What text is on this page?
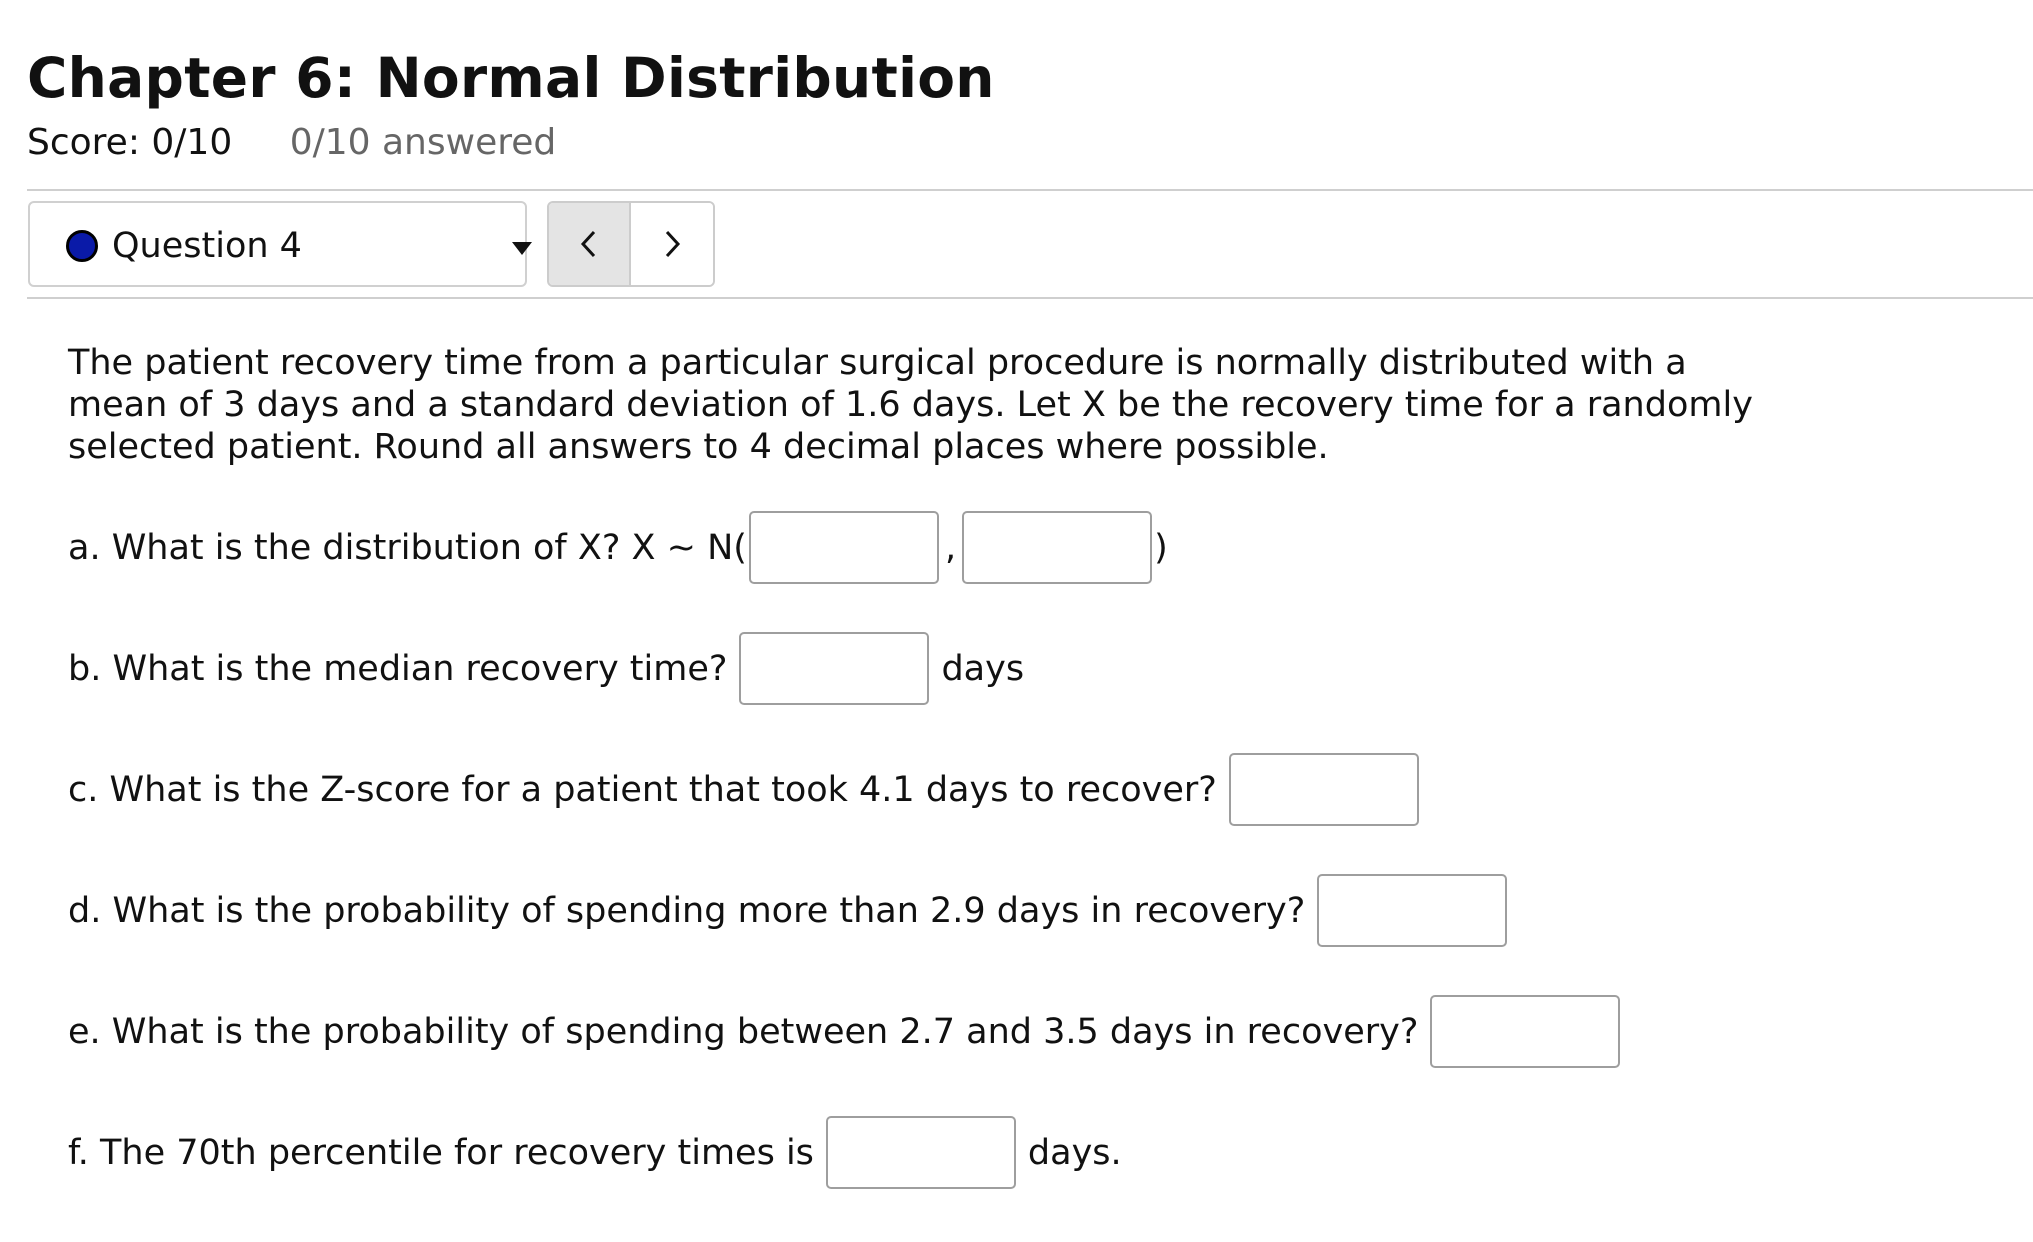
Chapter 6: Normal Distribution
Score: 0/10 0/10 answered
Question 4

The patient recovery time from a particular surgical procedure is normally distributed with a mean of 3 days and a standard deviation of 1.6 days. Let X be the recovery time for a randomly selected patient. Round all answers to 4 decimal places where possible.

a. What is the distribution of X? X ~ N(	,	)
b. What is the median recovery time?	days
c. What is the Z-score for a patient that took 4.1 days to recover?
d. What is the probability of spending more than 2.9 days in recovery?
e. What is the probability of spending between 2.7 and 3.5 days in recovery?
f. The 70th percentile for recovery times is	days.
